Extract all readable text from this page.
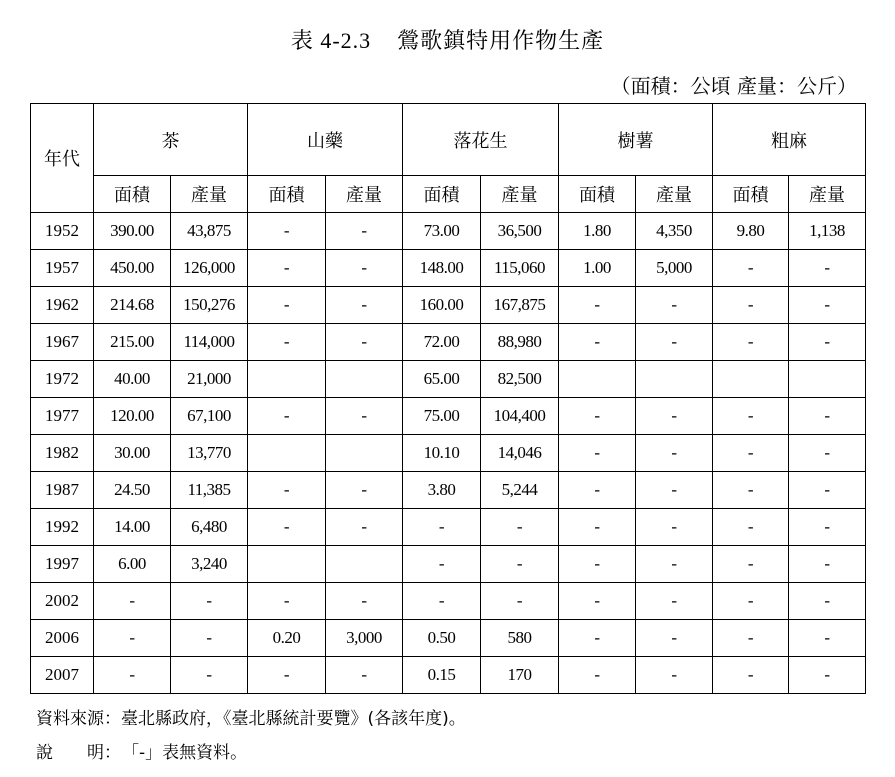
表 4-2.3 鶯歌鎮特用作物生產
（面積：公頃 產量：公斤）
年代	茶		山藥		落花生		樹薯		粗麻	
	面積	產量	面積	產量	面積	產量	面積	產量	面積	產量
1952	390.00	43,875	-	-	73.00	36,500	1.80	4,350	9.80	1,138
1957	450.00	126,000	-	-	148.00	115,060	1.00	5,000	-	-
1962	214.68	150,276	-	-	160.00	167,875	-	-	-	-
1967	215.00	114,000	-	-	72.00	88,980	-	-	-	-
1972	40.00	21,000			65.00	82,500				
1977	120.00	67,100	-	-	75.00	104,400	-	-	-	-
1982	30.00	13,770			10.10	14,046	-	-	-	-
1987	24.50	11,385	-	-	3.80	5,244	-	-	-	-
1992	14.00	6,480	-	-	-	-	-	-	-	-
1997	6.00	3,240			-	-	-	-	-	-
2002	-	-	-	-	-	-	-	-	-	-
2006	-	-	0.20	3,000	0.50	580	-	-	-	-
2007	-	-	-	-	0.15	170	-	-	-	-
資料來源：臺北縣政府，《臺北縣統計要覽》(各該年度)。
說　　明：「-」表無資料。
